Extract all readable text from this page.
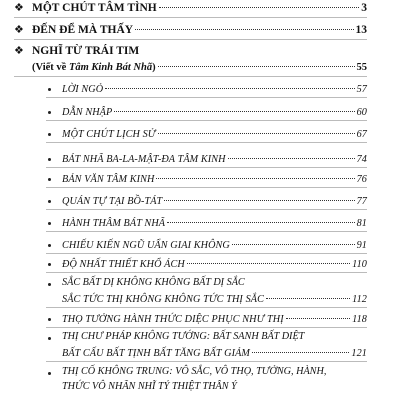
❖ MỘT CHÚT TÂM TÌNH	3
❖ ĐẾN ĐỂ MÀ THẤY	13
❖ NGHĨ TỪ TRÁI TIM
(Viết về Tâm Kinh Bát Nhã)	55
LỜI NGỎ	57
DẪN NHẬP	60
MỘT CHÚT LỊCH SỬ	67
BÁT NHÃ BA-LA-MẬT-ĐA TÂM KINH	74
BẢN VĂN TÂM KINH	76
QUÁN TỰ TẠI BỒ-TÁT	77
HÀNH THÂM BÁT NHÃ	81
CHIẾU KIẾN NGŨ UẨN GIAI KHÔNG	91
ĐỘ NHẤT THIẾT KHỔ ÁCH	110
SẮC BẤT DỊ KHÔNG KHÔNG BẤT DỊ SẮC
SẮC TỨC THỊ KHÔNG KHÔNG TỨC THỊ SẮC	112
THỌ TƯỞNG HÀNH THỨC DIỆC PHỤC NHƯ THỊ	118
THỊ CHƯ PHÁP KHÔNG TƯỚNG: BẤT SANH BẤT DIỆT
BẤT CẤU BẤT TỊNH BẤT TĂNG BẤT GIẢM	121
THỊ CỐ KHÔNG TRUNG: VÔ SẮC, VÔ THỌ, TƯỞNG, HÀNH,
THỨC VÔ NHÃN NHĨ TỶ THIỆT THÂN Ý
